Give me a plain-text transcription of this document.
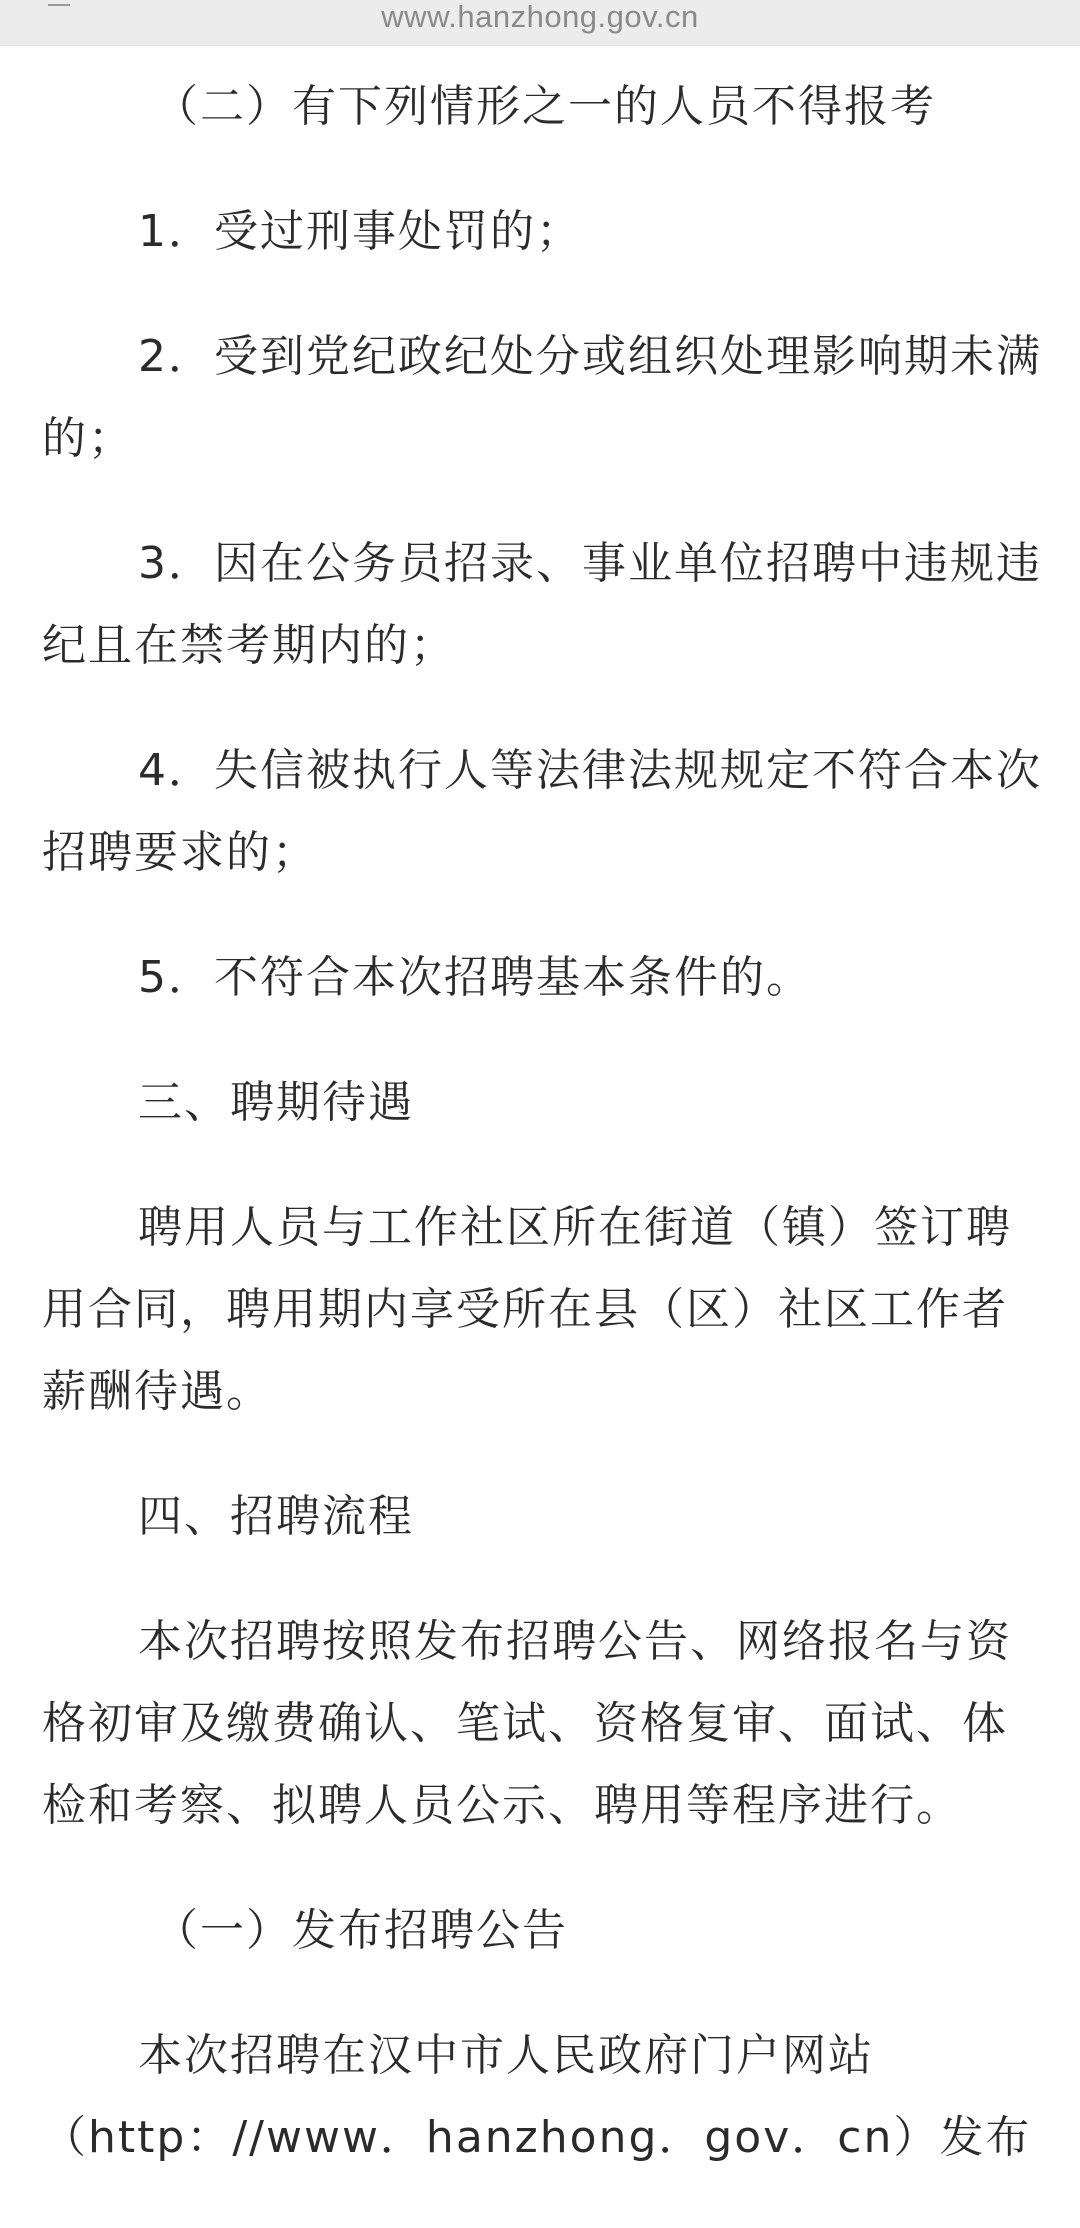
www.hanzhong.gov.cn

（二）有下列情形之一的人员不得报考

1．受过刑事处罚的；

2．受到党纪政纪处分或组织处理影响期未满的；

3．因在公务员招录、事业单位招聘中违规违纪且在禁考期内的；

4．失信被执行人等法律法规规定不符合本次招聘要求的；

5．不符合本次招聘基本条件的。

三、聘期待遇

聘用人员与工作社区所在街道（镇）签订聘用合同，聘用期内享受所在县（区）社区工作者薪酬待遇。

四、招聘流程

本次招聘按照发布招聘公告、网络报名与资格初审及缴费确认、笔试、资格复审、面试、体检和考察、拟聘人员公示、聘用等程序进行。

（一）发布招聘公告

本次招聘在汉中市人民政府门户网站（http：//www．hanzhong．gov．cn）发布
